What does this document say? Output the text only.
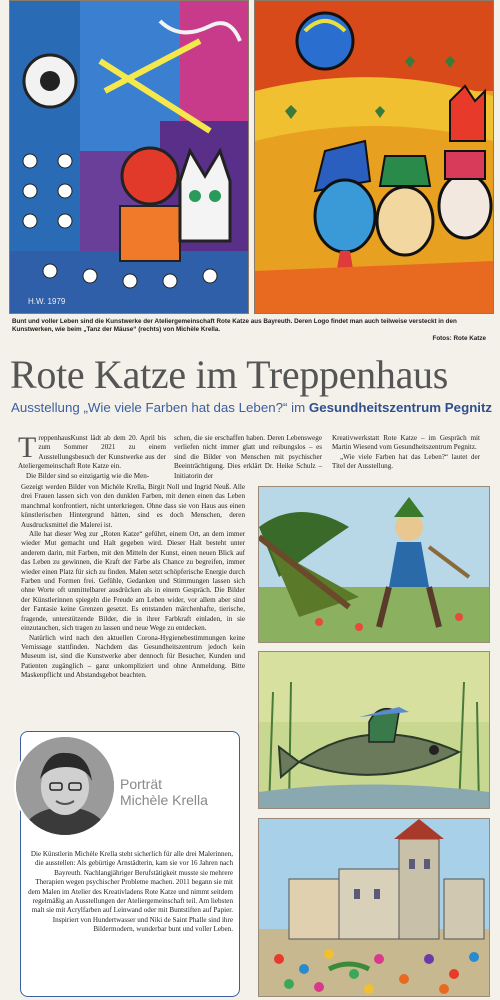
H.W. 1979
Bunt und voller Leben sind die Kunstwerke der Ateliergemeinschaft Rote Katze aus Bayreuth. Deren Logo findet man auch teilweise versteckt in den Kunstwerken, wie beim „Tanz der Mäuse“ (rechts) von Michèle Krella.
Fotos: Rote Katze
Rote Katze im Treppenhaus
Ausstellung „Wie viele Farben hat das Leben?“ im Gesundheitszentrum Pegnitz

TreppenhausKunst lädt ab dem 20. April bis zum Sommer 2021 zu einem Ausstellungsbesuch der Kunstwerke aus der Ateliergemeinschaft Rote Katze ein.

Die Bilder sind so einzigartig wie die Men-

schen, die sie erschaffen haben. Deren Lebenswege verliefen nicht immer glatt und reibungslos – es sind die Bilder von Menschen mit psychischer Beeinträchtigung. Dies erklärt Dr. Heike Schulz – Initiatorin der

Kreativwerkstatt Rote Katze – im Gespräch mit Martin Wiesend vom Gesundheitszentrum Pegnitz.

„Wie viele Farben hat das Leben?“ lautet der Titel der Ausstellung.

Gezeigt werden Bilder von Michèle Krella, Birgit Noll und Ingrid Neuß. Alle drei Frauen lassen sich von den dunklen Farben, mit denen einen das Leben manchmal konfrontiert, nicht unterkriegen. Ohne dass sie von Haus aus einen künstlerischen Hintergrund hätten, sind es doch Menschen, deren Ausdrucksmittel die Malerei ist.

Alle hat dieser Weg zur „Roten Katze“ geführt, einem Ort, an dem immer wieder Mut gemacht und Halt gegeben wird. Dieser Halt besteht unter anderem darin, mit Farben, mit den Mitteln der Kunst, einen neuen Blick auf das Leben zu gewinnen, die Kraft der Farbe als Chance zu begreifen, immer wieder einen Platz für sich zu finden. Malen setzt schöpferische Energie durch Farben und Formen frei. Gefühle, Gedanken und Stimmungen lassen sich ohne Worte oft unmittelbarer ausdrücken als in einem Gespräch. Die Bilder der Künstlerinnen spiegeln die Freude am Leben wider, vor allem aber sind der Fantasie keine Grenzen gesetzt. Es entstanden märchenhafte, tierische, fragende, unterstützende Bilder, die in ihrer Farbkraft einladen, in sie einzutauchen, sich tragen zu lassen und neue Wege zu entdecken.

Natürlich wird nach den aktuellen Corona-Hygienebestimmungen keine Vernissage stattfinden. Nachdem das Gesundheitszentrum jedoch kein Museum ist, sind die Kunstwerke aber dennoch für Besucher, Kunden und Patienten zugänglich – ganz unkompliziert und ohne Anmeldung. Bitte Maskenpflicht und Abstandsgebot beachten.

Porträt
Michèle Krella
Die Künstlerin Michèle Krella steht sicherlich für alle drei Malerinnen, die ausstellen: Als gebürtige Arnstädterin, kam sie vor 16 Jahren nach Bayreuth. Nachlangjähriger Berufstätigkeit musste sie mehrere Therapien wegen psychischer Probleme machen. 2011 begann sie mit dem Malen im Atelier des Kreativladens Rote Katze und nimmt seitdem regelmäßig an Ausstellungen der Ateliergemeinschaft teil. Am liebsten malt sie mit Acrylfarben auf Leinwand oder mit Buntstiften auf Papier. Inspiriert von Hundertwasser und Niki de Saint Phalle sind ihre Bildermodern, wunderbar bunt und voller Leben.
